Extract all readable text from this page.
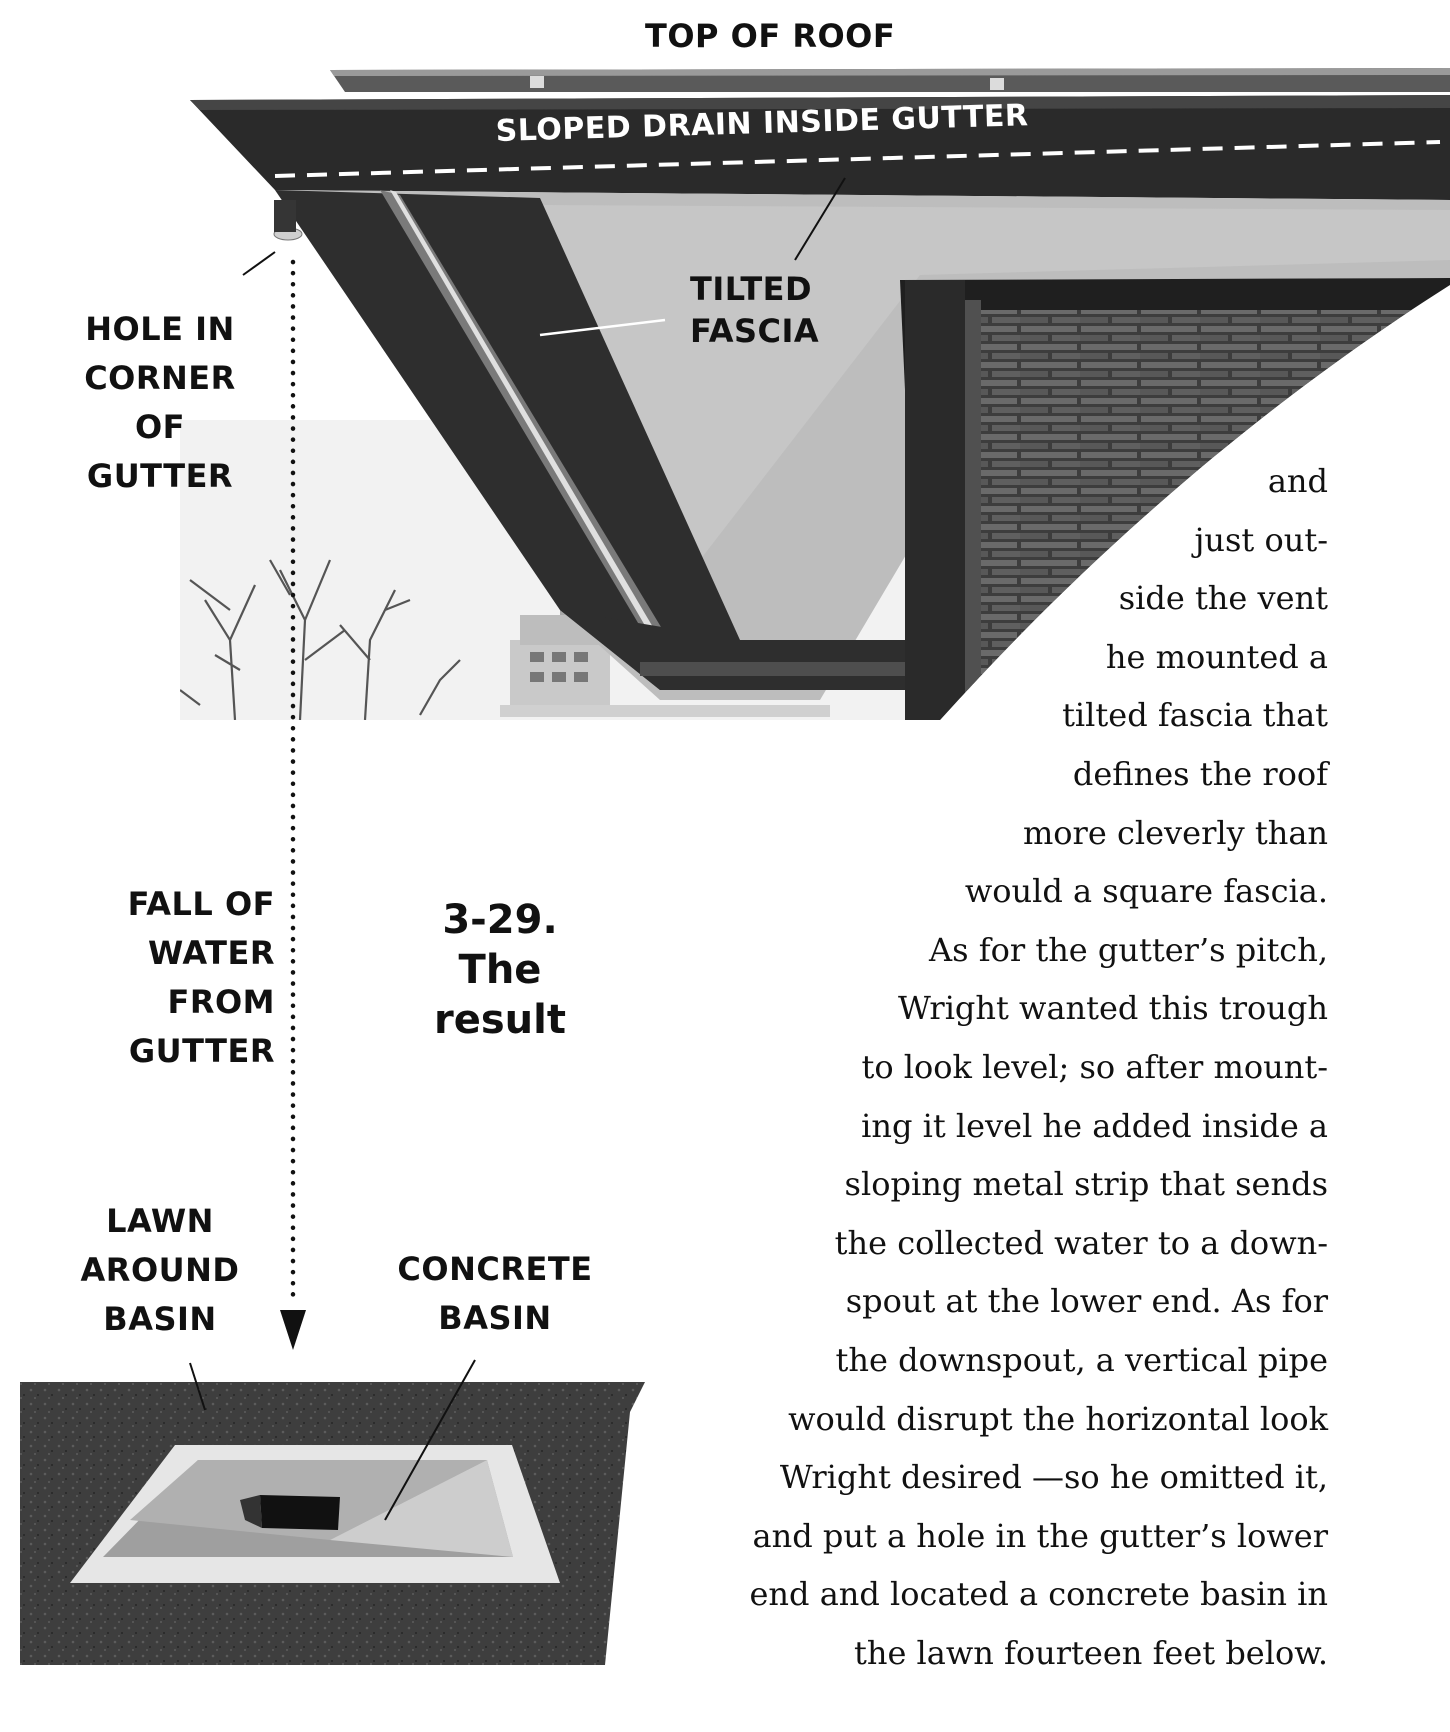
TOP OF ROOF
SLOPED DRAIN INSIDE GUTTER
TILTED
FASCIA
HOLE IN
CORNER OF
GUTTER
FALL OF
WATER
FROM
GUTTER
3-29.
The
result
LAWN
AROUND
BASIN
CONCRETE
BASIN
and
just out-
side the vent
he mounted a
tilted fascia that
defines the roof
more cleverly than
would a square fascia.
As for the gutter’s pitch,
Wright wanted this trough
to look level; so after mount-
ing it level he added inside a
sloping metal strip that sends
the collected water to a down-
spout at the lower end. As for
the downspout, a vertical pipe
would disrupt the horizontal look
Wright desired —so he omitted it,
and put a hole in the gutter’s lower
end and located a concrete basin in
the lawn fourteen feet below.
